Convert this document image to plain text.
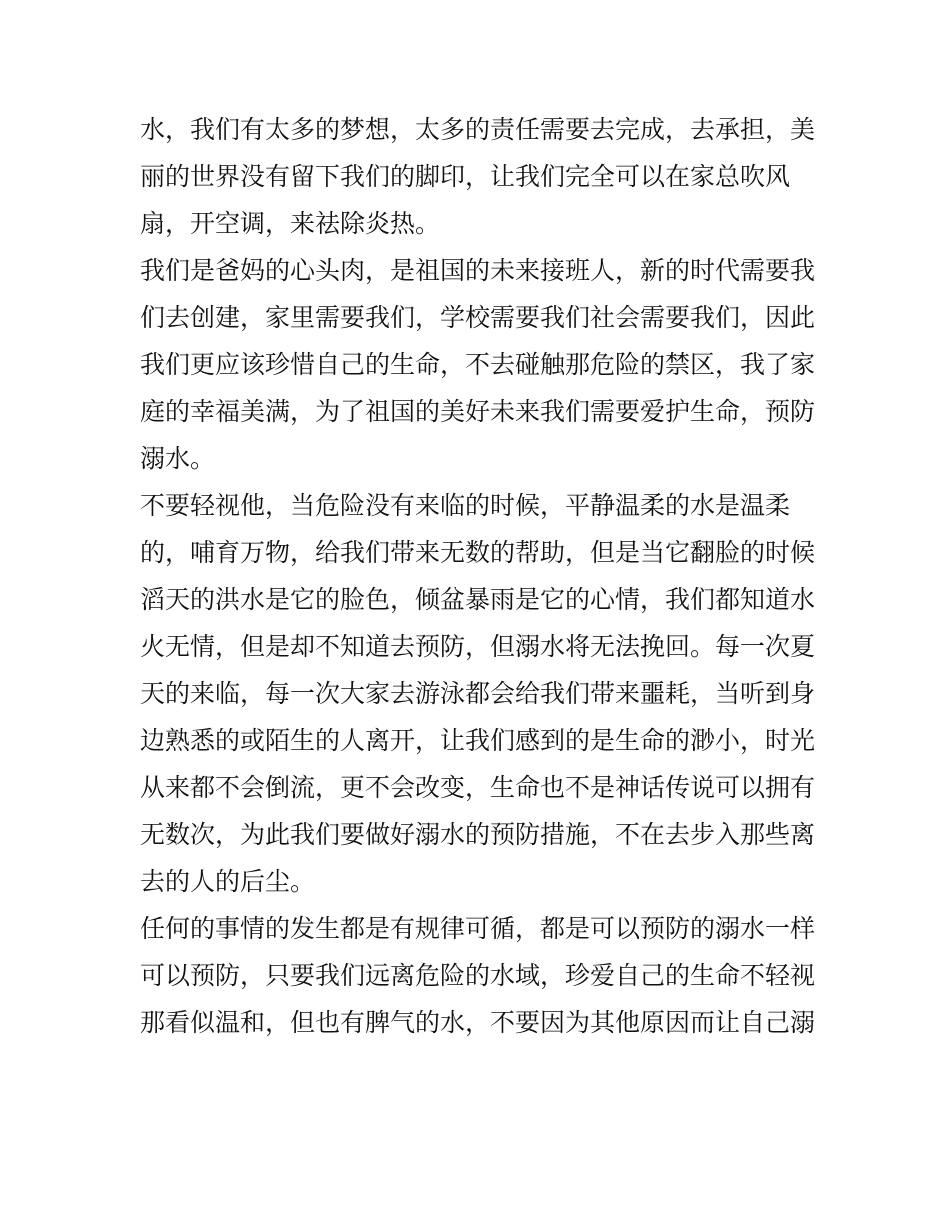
水，我们有太多的梦想，太多的责任需要去完成，去承担，美
丽的世界没有留下我们的脚印，让我们完全可以在家总吹风
扇，开空调，来祛除炎热。
我们是爸妈的心头肉，是祖国的未来接班人，新的时代需要我
们去创建，家里需要我们，学校需要我们社会需要我们，因此
我们更应该珍惜自己的生命，不去碰触那危险的禁区，我了家
庭的幸福美满，为了祖国的美好未来我们需要爱护生命，预防
溺水。
不要轻视他，当危险没有来临的时候，平静温柔的水是温柔
的，哺育万物，给我们带来无数的帮助，但是当它翻脸的时候
滔天的洪水是它的脸色，倾盆暴雨是它的心情，我们都知道水
火无情，但是却不知道去预防，但溺水将无法挽回。每一次夏
天的来临，每一次大家去游泳都会给我们带来噩耗，当听到身
边熟悉的或陌生的人离开，让我们感到的是生命的渺小，时光
从来都不会倒流，更不会改变，生命也不是神话传说可以拥有
无数次，为此我们要做好溺水的预防措施，不在去步入那些离
去的人的后尘。
任何的事情的发生都是有规律可循，都是可以预防的溺水一样
可以预防，只要我们远离危险的水域，珍爱自己的生命不轻视
那看似温和，但也有脾气的水，不要因为其他原因而让自己溺
